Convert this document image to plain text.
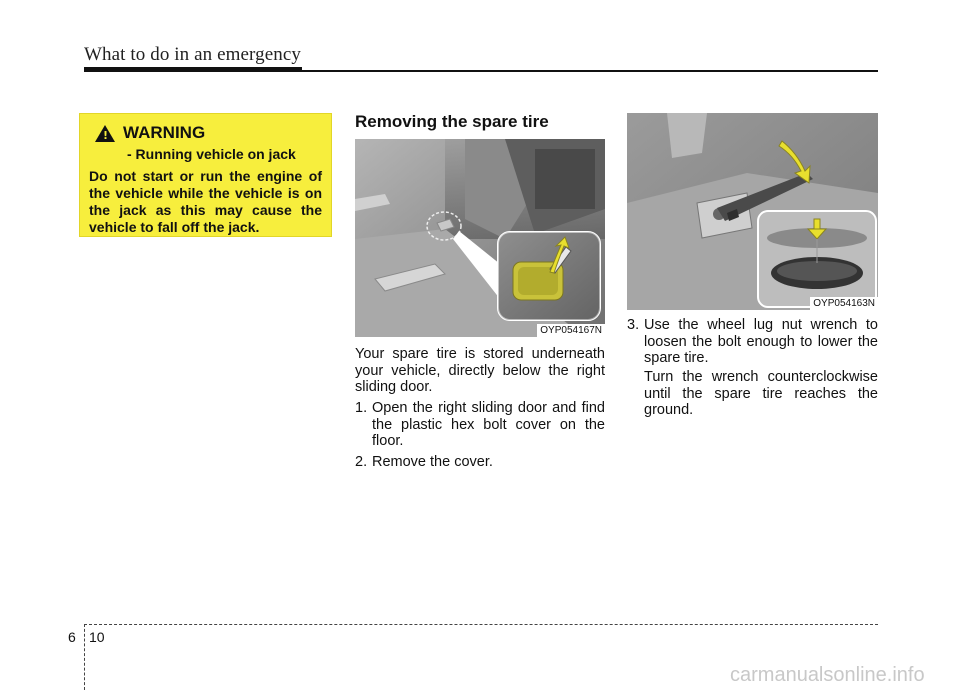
What to do in an emergency
! WARNING
- Running vehicle on jack
Do not start or run the engine of the vehicle while the vehicle is on the jack as this may cause the vehicle to fall off the jack.
Removing the spare tire
OYP054167N
OYP054163N
Your spare tire is stored underneath your vehicle, directly below the right sliding door.
1. Open the right sliding door and find the plastic hex bolt cover on the floor.
2. Remove the cover.
3. Use the wheel lug nut wrench to loosen the bolt enough to lower the spare tire.
Turn the wrench counterclockwise until the spare tire reaches the ground.
6 10
carmanualsonline.info
